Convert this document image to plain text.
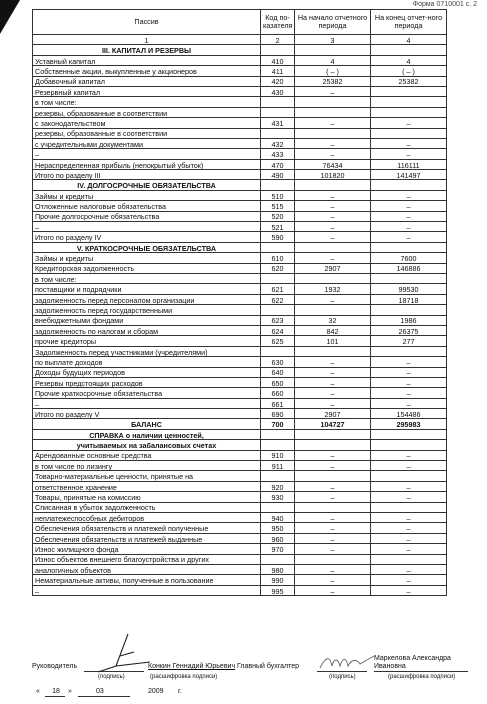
Форма 0710001 с. 2
Пассив	Код по-казателя	На начало отчетного периода	На конец отчет-ного периода
1	2	3	4
III. КАПИТАЛ И РЕЗЕРВЫ			
Уставный капитал	410	4	4
Собственные акции, выкупленные у акционеров	411	( – )	( – )
Добавочный капитал	420	25382	25382
Резервный капитал	430	–	
в том числе:			
резервы, образованные в соответствии			
с законодательством	431	–	–
резервы, образованные в соответствии			
с учредительными документами	432	–	–
–	433	–	–
Нераспределенная прибыль (непокрытый убыток)	470	76434	116111
Итого по разделу III	490	101820	141497
IV. ДОЛГОСРОЧНЫЕ ОБЯЗАТЕЛЬСТВА			
Займы и кредиты	510	–	–
Отложенные налоговые обязательства	515	–	–
Прочие долгосрочные обязательства	520	–	–
–	521	–	–
Итого по разделу IV	590	–	–
V. КРАТКОСРОЧНЫЕ ОБЯЗАТЕЛЬСТВА			
Займы и кредиты	610	–	7600
Кредиторская задолженность	620	2907	146886
в том числе:			
поставщики и подрядчики	621	1932	99530
задолженность перед персоналом организации	622	–	18718
задолженность перед государственными			
внебюджетными фондами	623	32	1986
задолженность по налогам и сборам	624	842	26375
прочие кредиторы	625	101	277
Задолженность перед участниками (учредителями)			
по выплате доходов	630	–	–
Доходы будущих периодов	640	–	–
Резервы предстоящих расходов	650	–	–
Прочие краткосрочные обязательства	660	–	–
–	661	–	–
Итого по разделу V	690	2907	154486
БАЛАНС	700	104727	295983
СПРАВКА о наличии ценностей,			
учитываемых на забалансовых счетах			
Арендованные основные средства	910	–	–
в том числе по лизингу	911	–	–
Товарно-материальные ценности, принятые на			
ответственное хранение	920	–	–
Товары, принятые на комиссию	930	–	–
Списанная в убыток задолженность			
неплатежеспособных дебиторов	940	–	–
Обеспечения обязательств и платежей полученные	950	–	–
Обеспечения обязательств и платежей выданные	960	–	–
Износ жилищного фонда	970	–	–
Износ объектов внешнего благоустройства и других			
аналогичных объектов	980	–	–
Нематериальные активы, полученные в пользование	990	–	–
–	995	–	–
Руководитель	Конкин Геннадий Юрьевич Главный бухгалтер
Маркелова Александра
Ивановна
(подпись)	(расшифровка подписи)	(подпись)	(расшифровка подписи)
«	18	»	03	2009 г.
